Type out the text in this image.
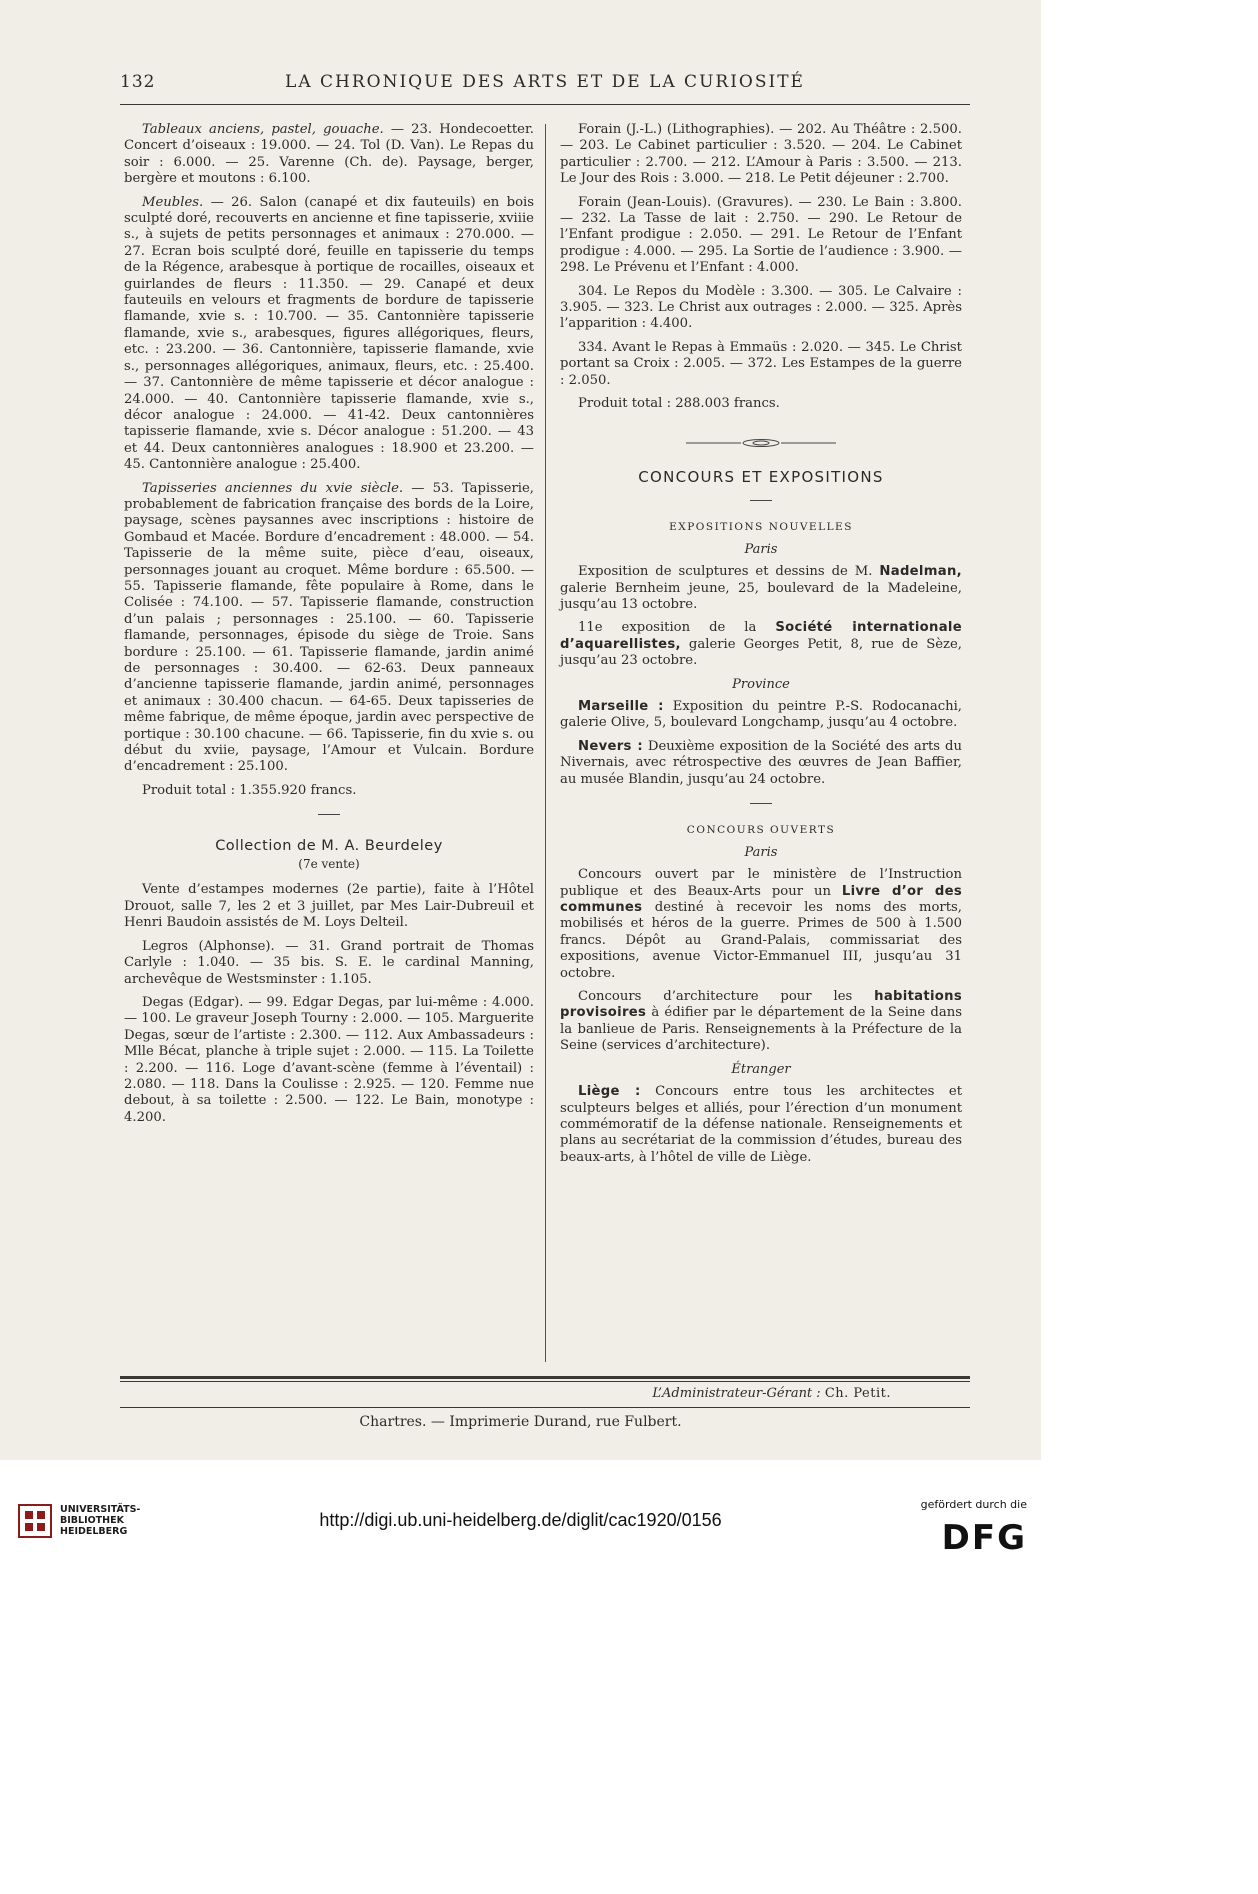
132	LA CHRONIQUE DES ARTS ET DE LA CURIOSITÉ

Tableaux anciens, pastel, gouache. — 23. Hondecoetter. Concert d’oiseaux : 19.000. — 24. Tol (D. Van). Le Repas du soir : 6.000. — 25. Varenne (Ch. de). Paysage, berger, bergère et moutons : 6.100.

Meubles. — 26. Salon (canapé et dix fauteuils) en bois sculpté doré, recouverts en ancienne et fine tapisserie, xviiie s., à sujets de petits personnages et animaux : 270.000. — 27. Ecran bois sculpté doré, feuille en tapisserie du temps de la Régence, arabesque à portique de rocailles, oiseaux et guirlandes de fleurs : 11.350. — 29. Canapé et deux fauteuils en velours et fragments de bordure de tapisserie flamande, xvie s. : 10.700. — 35. Cantonnière tapisserie flamande, xvie s., arabesques, figures allégoriques, fleurs, etc. : 23.200. — 36. Cantonnière, tapisserie flamande, xvie s., personnages allégoriques, animaux, fleurs, etc. : 25.400. — 37. Cantonnière de même tapisserie et décor analogue : 24.000. — 40. Cantonnière tapisserie flamande, xvie s., décor analogue : 24.000. — 41-42. Deux cantonnières tapisserie flamande, xvie s. Décor analogue : 51.200. — 43 et 44. Deux cantonnières analogues : 18.900 et 23.200. — 45. Cantonnière analogue : 25.400.

Tapisseries anciennes du xvie siècle. — 53. Tapisserie, probablement de fabrication française des bords de la Loire, paysage, scènes paysannes avec inscriptions : histoire de Gombaud et Macée. Bordure d’encadrement : 48.000. — 54. Tapisserie de la même suite, pièce d’eau, oiseaux, personnages jouant au croquet. Même bordure : 65.500. — 55. Tapisserie flamande, fête populaire à Rome, dans le Colisée : 74.100. — 57. Tapisserie flamande, construction d’un palais ; personnages : 25.100. — 60. Tapisserie flamande, personnages, épisode du siège de Troie. Sans bordure : 25.100. — 61. Tapisserie flamande, jardin animé de personnages : 30.400. — 62-63. Deux panneaux d’ancienne tapisserie flamande, jardin animé, personnages et animaux : 30.400 chacun. — 64-65. Deux tapisseries de même fabrique, de même époque, jardin avec perspective de portique : 30.100 chacune. — 66. Tapisserie, fin du xvie s. ou début du xviie, paysage, l’Amour et Vulcain. Bordure d’encadrement : 25.100.

Produit total : 1.355.920 francs.

Collection de M. A. Beurdeley
(7e vente)

Vente d’estampes modernes (2e partie), faite à l’Hôtel Drouot, salle 7, les 2 et 3 juillet, par Mes Lair-Dubreuil et Henri Baudoin assistés de M. Loys Delteil.

Legros (Alphonse). — 31. Grand portrait de Thomas Carlyle : 1.040. — 35 bis. S. E. le cardinal Manning, archevêque de Westsminster : 1.105.

Degas (Edgar). — 99. Edgar Degas, par lui-même : 4.000. — 100. Le graveur Joseph Tourny : 2.000. — 105. Marguerite Degas, sœur de l’artiste : 2.300. — 112. Aux Ambassadeurs : Mlle Bécat, planche à triple sujet : 2.000. — 115. La Toilette : 2.200. — 116. Loge d’avant-scène (femme à l’éventail) : 2.080. — 118. Dans la Coulisse : 2.925. — 120. Femme nue debout, à sa toilette : 2.500. — 122. Le Bain, monotype : 4.200.

Forain (J.-L.) (Lithographies). — 202. Au Théâtre : 2.500. — 203. Le Cabinet particulier : 3.520. — 204. Le Cabinet particulier : 2.700. — 212. L’Amour à Paris : 3.500. — 213. Le Jour des Rois : 3.000. — 218. Le Petit déjeuner : 2.700.

Forain (Jean-Louis). (Gravures). — 230. Le Bain : 3.800. — 232. La Tasse de lait : 2.750. — 290. Le Retour de l’Enfant prodigue : 2.050. — 291. Le Retour de l’Enfant prodigue : 4.000. — 295. La Sortie de l’audience : 3.900. — 298. Le Prévenu et l’Enfant : 4.000.

304. Le Repos du Modèle : 3.300. — 305. Le Calvaire : 3.905. — 323. Le Christ aux outrages : 2.000. — 325. Après l’apparition : 4.400.

334. Avant le Repas à Emmaüs : 2.020. — 345. Le Christ portant sa Croix : 2.005. — 372. Les Estampes de la guerre : 2.050.

Produit total : 288.003 francs.

CONCOURS ET EXPOSITIONS
EXPOSITIONS NOUVELLES
Paris

Exposition de sculptures et dessins de M. Nadelman, galerie Bernheim jeune, 25, boulevard de la Madeleine, jusqu’au 13 octobre.

11e exposition de la Société internationale d’aquarellistes, galerie Georges Petit, 8, rue de Sèze, jusqu’au 23 octobre.

Province

Marseille : Exposition du peintre P.-S. Rodocanachi, galerie Olive, 5, boulevard Longchamp, jusqu’au 4 octobre.

Nevers : Deuxième exposition de la Société des arts du Nivernais, avec rétrospective des œuvres de Jean Baffier, au musée Blandin, jusqu’au 24 octobre.

CONCOURS OUVERTS
Paris

Concours ouvert par le ministère de l’Instruction publique et des Beaux-Arts pour un Livre d’or des communes destiné à recevoir les noms des morts, mobilisés et héros de la guerre. Primes de 500 à 1.500 francs. Dépôt au Grand-Palais, commissariat des expositions, avenue Victor-Emmanuel III, jusqu’au 31 octobre.

Concours d’architecture pour les habitations provisoires à édifier par le département de la Seine dans la banlieue de Paris. Renseignements à la Préfecture de la Seine (services d’architecture).

Étranger

Liège : Concours entre tous les architectes et sculpteurs belges et alliés, pour l’érection d’un monument commémoratif de la défense nationale. Renseignements et plans au secrétariat de la commission d’études, bureau des beaux-arts, à l’hôtel de ville de Liège.

L’Administrateur-Gérant : Ch. Petit.
Chartres. — Imprimerie Durand, rue Fulbert.
UNIVERSITÄTS-
BIBLIOTHEK
HEIDELBERG
http://digi.ub.uni-heidelberg.de/diglit/cac1920/0156
gefördert durch die
DFG
